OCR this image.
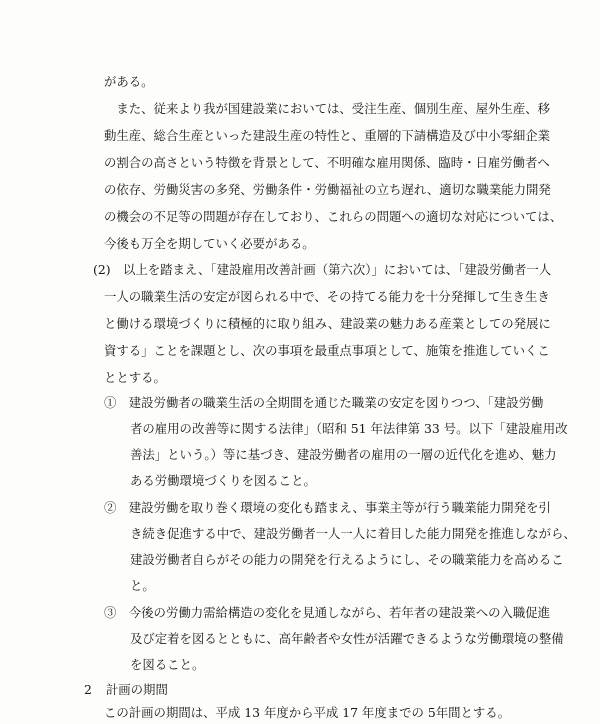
がある。
　また、従来より我が国建設業においては、受注生産、個別生産、屋外生産、移
動生産、総合生産といった建設生産の特性と、重層的下請構造及び中小零細企業
の割合の高さという特徴を背景として、不明確な雇用関係、臨時・日雇労働者へ
の依存、労働災害の多発、労働条件・労働福祉の立ち遅れ、適切な職業能力開発
の機会の不足等の問題が存在しており、これらの問題への適切な対応については、
今後も万全を期していく必要がある。
(2)　以上を踏まえ、「建設雇用改善計画（第六次）」においては、「建設労働者一人
一人の職業生活の安定が図られる中で、その持てる能力を十分発揮して生き生き
と働ける環境づくりに積極的に取り組み、建設業の魅力ある産業としての発展に
資する」ことを課題とし、次の事項を最重点事項として、施策を推進していくこ
ととする。
①　建設労働者の職業生活の全期間を通じた職業の安定を図りつつ、「建設労働
者の雇用の改善等に関する法律」（昭和 51 年法律第 33 号。以下「建設雇用改
善法」という。）等に基づき、建設労働者の雇用の一層の近代化を進め、魅力
ある労働環境づくりを図ること。
②　建設労働を取り巻く環境の変化も踏まえ、事業主等が行う職業能力開発を引
き続き促進する中で、建設労働者一人一人に着目した能力開発を推進しながら、
建設労働者自らがその能力の開発を行えるようにし、その職業能力を高めるこ
と。
③　今後の労働力需給構造の変化を見通しながら、若年者の建設業への入職促進
及び定着を図るとともに、高年齢者や女性が活躍できるような労働環境の整備
を図ること。
2 計画の期間
この計画の期間は、平成 13 年度から平成 17 年度までの 5年間とする。
